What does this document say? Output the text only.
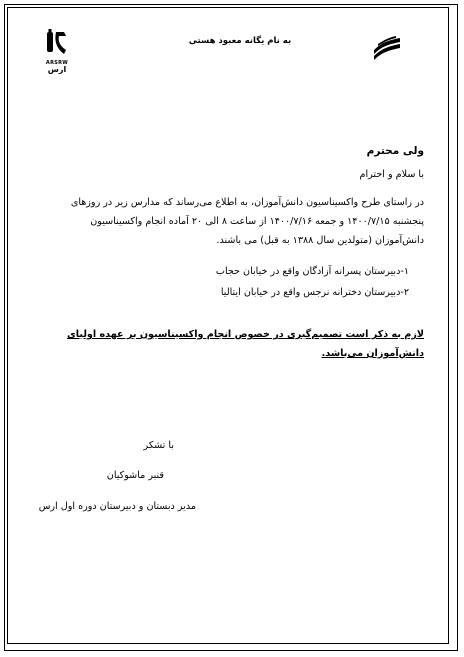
به نام یگانه معبود هستی
ARSRW
ارس
ولی محترم
با سلام و احترام
در راستای طرح واکسیناسیون دانش‌آموزان، به اطلاع می‌رساند که مدارس زیر در روزهای
پنجشنبه ۱۴۰۰/۷/۱۵ و جمعه ۱۴۰۰/۷/۱۶ از ساعت ۸ الی ۲۰ آماده انجام واکسیناسیون
دانش‌آموزان (متولدین سال ۱۳۸۸ به قبل) می باشند.
۱-دبیرستان پسرانه آزادگان واقع در خیابان حجاب
۲-دبیرستان دخترانه نرجس واقع در خیابان ایتالیا
لازم به ذکر است تصمیم‌گیری در خصوص انجام واکسیناسیون بر عهده اولیای دانش‌آموزان می‌باشد.
با تشکر
قنبر ماشوکیان
مدیر دبستان و دبیرستان دوره اول ارس
